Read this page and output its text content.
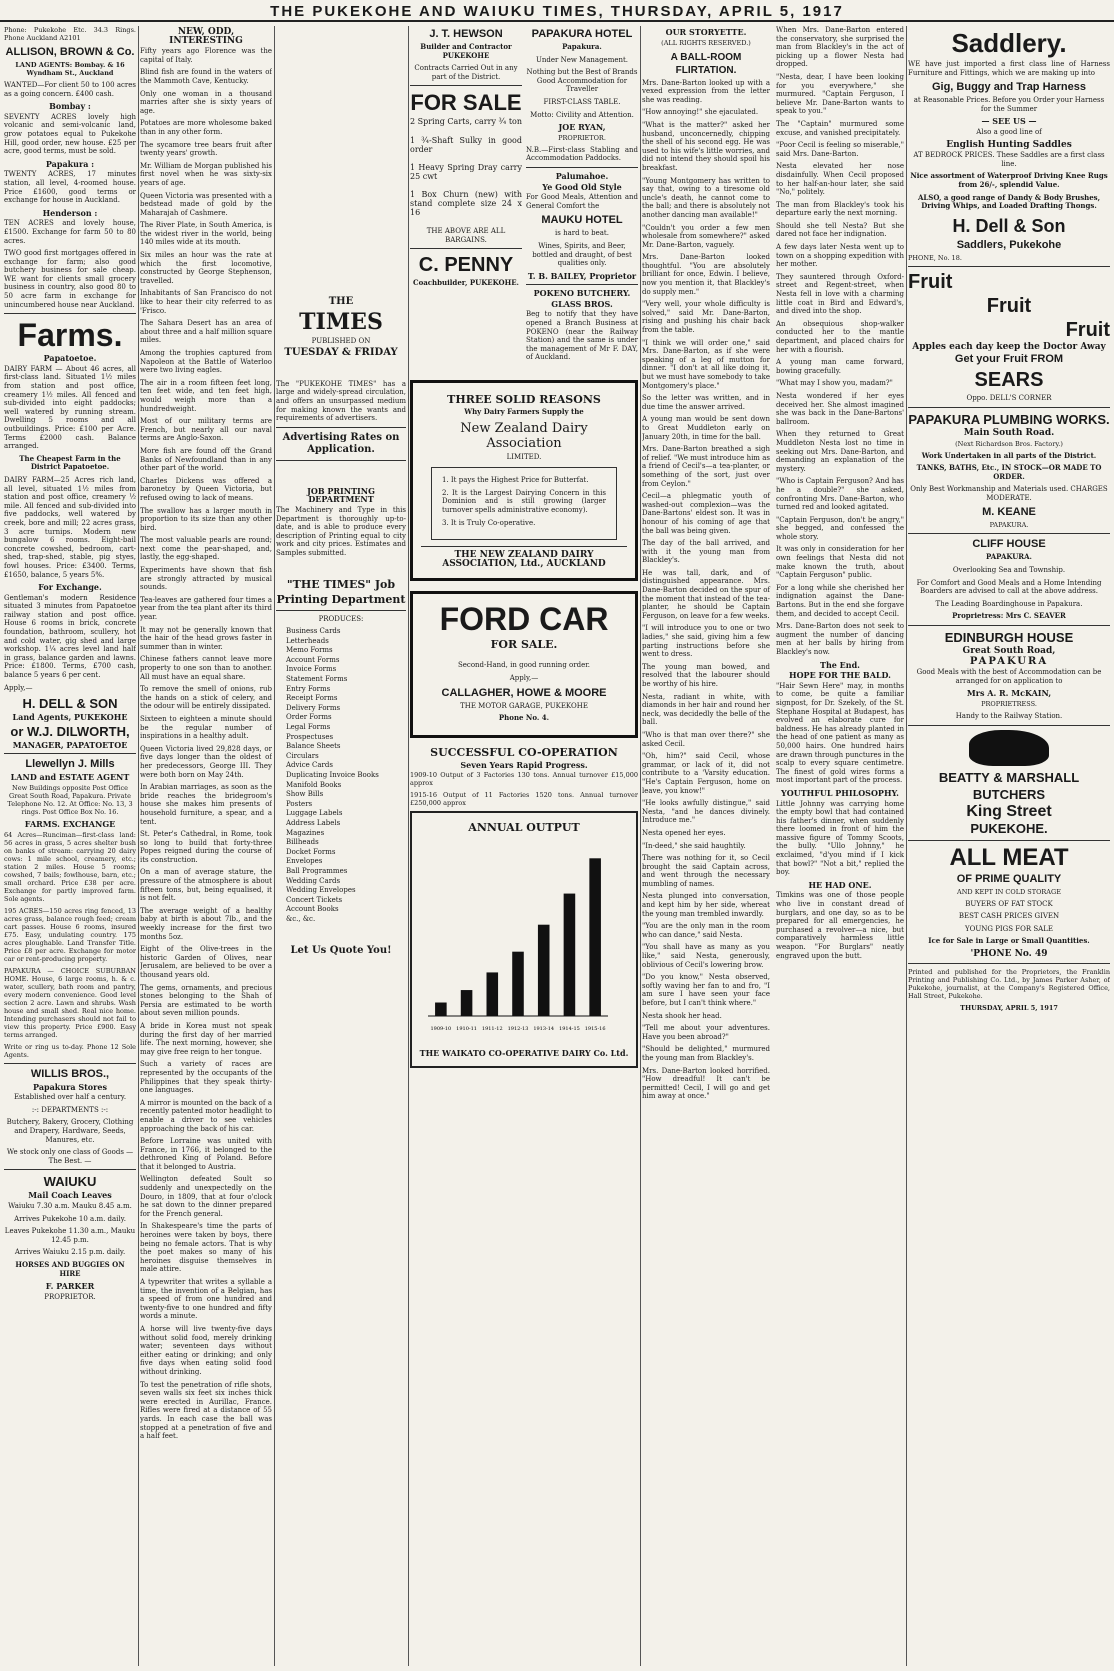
THE PUKEKOHE AND WAIUKU TIMES, THURSDAY, APRIL 5, 1917

Phone: Pukekohe Etc. 34.3 Rings. Phone Auckland A2101

ALLISON, BROWN & Co.

LAND AGENTS: Bombay. & 16 Wyndham St., Auckland

WANTED—For client 50 to 100 acres as a going concern. £400 cash.

Bombay :

SEVENTY ACRES lovely high volcanic and semi-volcanic land, grow potatoes equal to Pukekohe Hill, good order, new house. £25 per acre, good terms, must be sold.

Papakura :

TWENTY ACRES, 17 minutes station, all level, 4-roomed house. Price £1600, good terms or exchange for house in Auckland.

Henderson :

TEN ACRES and lovely house, £1500. Exchange for farm 50 to 80 acres.

TWO good first mortgages offered in exchange for farm; also good butchery business for sale cheap. WE want for clients small grocery business in country, also good 80 to 50 acre farm in exchange for unincumbered house near Auckland.

Farms.
Papatoetoe.

DAIRY FARM — About 46 acres, all first-class land. Situated 1½ miles from station and post office, creamery 1½ miles. All fenced and sub-divided into eight paddocks; well watered by running stream. Dwelling 5 rooms and all outbuildings. Price: £100 per Acre. Terms £2000 cash. Balance arranged.

The Cheapest Farm in the District Papatoetoe.

DAIRY FARM—25 Acres rich land, all level, situated 1½ miles from station and post office, creamery ½ mile. All fenced and sub-divided into five paddocks, well watered by creek, bore and mill; 22 acres grass, 3 acre turnips. Modern new bungalow 6 rooms. Eight-bail concrete cowshed, bedroom, cart-shed, trap-shed, stable, pig styes, fowl houses. Price: £3400. Terms, £1650, balance, 5 years 5%.

For Exchange.

Gentleman's modern Residence situated 3 minutes from Papatoetoe railway station and post office. House 6 rooms in brick, concrete foundation, bathroom, scullery, hot and cold water, gig shed and large workshop. 1¼ acres level land half in grass, balance garden and lawns. Price: £1800. Terms, £700 cash, balance 5 years 6 per cent.

Apply,—

H. DELL & SON
Land Agents, PUKEKOHE
or W.J. DILWORTH,
MANAGER, PAPATOETOE
Llewellyn J. Mills
LAND and ESTATE AGENT

New Buildings opposite Post Office Great South Road, Papakura. Private Telephone No. 12. At Office: No. 13, 3 rings. Post Office Box No. 16.

FARMS. EXCHANGE

64 Acres—Runciman—first-class land: 56 acres in grass, 5 acres shelter bush on banks of stream: carrying 20 dairy cows: 1 mile school, creamery, etc.; station 2 miles. House 5 rooms; cowshed, 7 bails; fowlhouse, barn, etc.; small orchard. Price £38 per acre. Exchange for partly improved farm. Sole agents.

195 ACRES—150 acres ring fenced, 13 acres grass, balance rough feed; cream cart passes. House 6 rooms, insured £75. Easy, undulating country. 175 acres ploughable. Land Transfer Title. Price £8 per acre. Exchange for motor car or rent-producing property.

PAPAKURA — CHOICE SUBURBAN HOME. House, 6 large rooms, h. & c. water, scullery, bath room and pantry, every modern convenience. Good level section 2 acre. Lawn and shrubs. Wash house and small shed. Real nice home. Intending purchasers should not fail to view this property. Price £900. Easy terms arranged.

Write or ring us to-day. Phone 12 Sole Agents.

WILLIS BROS.,
Papakura Stores

Established over half a century.

:-: DEPARTMENTS :-:

Butchery, Bakery, Grocery, Clothing and Drapery, Hardware, Seeds, Manures, etc.

We stock only one class of Goods — The Best. —

WAIUKU
Mail Coach Leaves

Waiuku 7.30 a.m. Mauku 8.45 a.m.

Arrives Pukekohe 10 a.m. daily.

Leaves Pukekohe 11.30 a.m., Mauku 12.45 p.m.

Arrives Waiuku 2.15 p.m. daily.

HORSES AND BUGGIES ON HIRE

F. PARKER

PROPRIETOR.

NEW, ODD, INTERESTING

Fifty years ago Florence was the capital of Italy.

Blind fish are found in the waters of the Mammoth Cave, Kentucky.

Only one woman in a thousand marries after she is sixty years of age.

Potatoes are more wholesome baked than in any other form.

The sycamore tree bears fruit after twenty years' growth.

Mr. William de Morgan published his first novel when he was sixty-six years of age.

Queen Victoria was presented with a bedstead made of gold by the Maharajah of Cashmere.

The River Plate, in South America, is the widest river in the world, being 140 miles wide at its mouth.

Six miles an hour was the rate at which the first locomotive, constructed by George Stephenson, travelled.

Inhabitants of San Francisco do not like to hear their city referred to as 'Frisco.

The Sahara Desert has an area of about three and a half million square miles.

Among the trophies captured from Napoleon at the Battle of Waterloo were two living eagles.

The air in a room fifteen feet long, ten feet wide, and ten feet high, would weigh more than a hundredweight.

Most of our military terms are French, but nearly all our naval terms are Anglo-Saxon.

More fish are found off the Grand Banks of Newfoundland than in any other part of the world.

Charles Dickens was offered a baronetcy by Queen Victoria, but refused owing to lack of means.

The swallow has a larger mouth in proportion to its size than any other bird.

The most valuable pearls are round; next come the pear-shaped, and, lastly, the egg-shaped.

Experiments have shown that fish are strongly attracted by musical sounds.

Tea-leaves are gathered four times a year from the tea plant after its third year.

It may not be generally known that the hair of the head grows faster in summer than in winter.

Chinese fathers cannot leave more property to one son than to another. All must have an equal share.

To remove the smell of onions, rub the hands on a stick of celery, and the odour will be entirely dissipated.

Sixteen to eighteen a minute should be the regular number of inspirations in a healthy adult.

Queen Victoria lived 29,828 days, or five days longer than the oldest of her predecessors, George III. They were both born on May 24th.

In Arabian marriages, as soon as the bride reaches the bridegroom's house she makes him presents of household furniture, a spear, and a tent.

St. Peter's Cathedral, in Rome, took so long to build that forty-three Popes reigned during the course of its construction.

On a man of average stature, the pressure of the atmosphere is about fifteen tons, but, being equalised, it is not felt.

The average weight of a healthy baby at birth is about 7lb., and the weekly increase for the first two months 5oz.

Eight of the Olive-trees in the historic Garden of Olives, near Jerusalem, are believed to be over a thousand years old.

The gems, ornaments, and precious stones belonging to the Shah of Persia are estimated to be worth about seven million pounds.

A bride in Korea must not speak during the first day of her married life. The next morning, however, she may give free reign to her tongue.

Such a variety of races are represented by the occupants of the Philippines that they speak thirty-one languages.

A mirror is mounted on the back of a recently patented motor headlight to enable a driver to see vehicles approaching the back of his car.

Before Lorraine was united with France, in 1766, it belonged to the dethroned King of Poland. Before that it belonged to Austria.

Wellington defeated Soult so suddenly and unexpectedly on the Douro, in 1809, that at four o'clock he sat down to the dinner prepared for the French general.

In Shakespeare's time the parts of heroines were taken by boys, there being no female actors. That is why the poet makes so many of his heroines disguise themselves in male attire.

A typewriter that writes a syllable a time, the invention of a Belgian, has a speed of from one hundred and twenty-five to one hundred and fifty words a minute.

A horse will live twenty-five days without solid food, merely drinking water; seventeen days without either eating or drinking; and only five days when eating solid food without drinking.

To test the penetration of rifle shots, seven walls six feet six inches thick were erected in Aurillac, France. Rifles were fired at a distance of 55 yards. In each case the ball was stopped at a penetration of five and a half feet.

THE
TIMES

PUBLISHED ON

TUESDAY & FRIDAY

The "PUKEKOHE TIMES" has a large and widely-spread circulation, and offers an unsurpassed medium for making known the wants and requirements of advertisers.

Advertising Rates on Application.
JOB PRINTING DEPARTMENT

The Machinery and Type in this Department is thoroughly up-to-date, and is able to produce every description of Printing equal to city work and city prices. Estimates and Samples submitted.

"THE TIMES" Job
Printing Department

PRODUCES:

Business Cards

Letterheads

Memo Forms

Account Forms

Invoice Forms

Statement Forms

Entry Forms

Receipt Forms

Delivery Forms

Order Forms

Legal Forms

Prospectuses

Balance Sheets

Circulars

Advice Cards

Duplicating Invoice Books

Manifold Books

Show Bills

Posters

Luggage Labels

Address Labels

Magazines

Billheads

Docket Forms

Envelopes

Ball Programmes

Wedding Cards

Wedding Envelopes

Concert Tickets

Account Books

&c., &c.

Let Us Quote You!
J. T. HEWSON

Builder and Contractor PUKEKOHE

Contracts Carried Out in any part of the District.

FOR SALE

2 Spring Carts, carry ¾ ton

1 ¾-Shaft Sulky in good order

1 Heavy Spring Dray carry 25 cwt

1 Box Churn (new) with stand complete size 24 x 16

THE ABOVE ARE ALL BARGAINS.

C. PENNY

Coachbuilder, PUKEKOHE.

PAPAKURA HOTEL

Papakura.

Under New Management.

Nothing but the Best of Brands Good Accommodation for Traveller

FIRST-CLASS TABLE.

Motto: Civility and Attention.

JOE RYAN,

PROPRIETOR.

N.B.—First-class Stabling and Accommodation Paddocks.

Palumahoe.
Ye Good Old Style

For Good Meals, Attention and General Comfort the

MAUKU HOTEL

is hard to beat.

Wines, Spirits, and Beer, bottled and draught, of best qualities only.

T. B. BAILEY, Proprietor
POKENO BUTCHERY.
GLASS BROS.

Beg to notify that they have opened a Branch Business at POKENO (near the Railway Station) and the same is under the management of Mr F. DAY, of Auckland.

THREE SOLID REASONS

Why Dairy Farmers Supply the

New Zealand Dairy Association

LIMITED.

1. It pays the Highest Price for Butterfat.

2. It is the Largest Dairying Concern in this Dominion and is still growing (larger turnover spells administrative economy).

3. It is Truly Co-operative.

THE NEW ZEALAND DAIRY ASSOCIATION, Ltd., AUCKLAND
FORD CAR
FOR SALE.

Second-Hand, in good running order.

Apply,—

CALLAGHER, HOWE & MOORE

THE MOTOR GARAGE, PUKEKOHE

Phone No. 4.

SUCCESSFUL CO-OPERATION
Seven Years Rapid Progress.

1909-10 Output of 3 Factories 130 tons. Annual turnover £15,000 approx

1915-16 Output of 11 Factories 1520 tons. Annual turnover £250,000 approx

ANNUAL OUTPUT
1909-10 1910-11 1911-12 1912-13 1913-14 1914-15 1915-16
THE WAIKATO CO-OPERATIVE DAIRY Co. Ltd.
OUR STORYETTE.

(ALL RIGHTS RESERVED.)

A BALL-ROOM FLIRTATION.

Mrs. Dane-Barton looked up with a vexed expression from the letter she was reading.

"How annoying!" she ejaculated.

"What is the matter?" asked her husband, unconcernedly, chipping the shell of his second egg. He was used to his wife's little worries, and did not intend they should spoil his breakfast.

"Young Montgomery has written to say that, owing to a tiresome old uncle's death, he cannot come to the ball; and there is absolutely not another dancing man available!"

"Couldn't you order a few men wholesale from somewhere?" asked Mr. Dane-Barton, vaguely.

Mrs. Dane-Barton looked thoughtful. "You are absolutely brilliant for once, Edwin. I believe, now you mention it, that Blackley's do supply men."

"Very well, your whole difficulty is solved," said Mr. Dane-Barton, rising and pushing his chair back from the table.

"I think we will order one," said Mrs. Dane-Barton, as if she were speaking of a leg of mutton for dinner. "I don't at all like doing it, but we must have somebody to take Montgomery's place."

So the letter was written, and in due time the answer arrived.

A young man would be sent down to Great Muddleton early on January 20th, in time for the ball.

Mrs. Dane-Barton breathed a sigh of relief. "We must introduce him as a friend of Cecil's—a tea-planter, or something of the sort, just over from Ceylon."

Cecil—a phlegmatic youth of washed-out complexion—was the Dane-Bartons' eldest son. It was in honour of his coming of age that the ball was being given.

The day of the ball arrived, and with it the young man from Blackley's.

He was tall, dark, and of distinguished appearance. Mrs. Dane-Barton decided on the spur of the moment that instead of the tea-planter, he should be Captain Ferguson, on leave for a few weeks.

"I will introduce you to one or two ladies," she said, giving him a few parting instructions before she went to dress.

The young man bowed, and resolved that the labourer should be worthy of his hire.

Nesta, radiant in white, with diamonds in her hair and round her neck, was decidedly the belle of the ball.

"Who is that man over there?" she asked Cecil.

"Oh, him?" said Cecil, whose grammar, or lack of it, did not contribute to a 'Varsity education. "He's Captain Ferguson, home on leave, you know!"

"He looks awfully distingue," said Nesta, "and he dances divinely. Introduce me."

Nesta opened her eyes.

"In-deed," she said haughtily.

There was nothing for it, so Cecil brought the said Captain across, and went through the necessary mumbling of names.

Nesta plunged into conversation, and kept him by her side, whereat the young man trembled inwardly.

"You are the only man in the room who can dance," said Nesta.

"You shall have as many as you like," said Nesta, generously, oblivious of Cecil's lowering brow.

"Do you know," Nesta observed, softly waving her fan to and fro, "I am sure I have seen your face before, but I can't think where."

Nesta shook her head.

"Tell me about your adventures. Have you been abroad?"

"Should be delighted," murmured the young man from Blackley's.

Mrs. Dane-Barton looked horrified. "How dreadful! It can't be permitted! Cecil, I will go and get him away at once."

When Mrs. Dane-Barton entered the conservatory, she surprised the man from Blackley's in the act of picking up a flower Nesta had dropped.

"Nesta, dear, I have been looking for you everywhere," she murmured. "Captain Ferguson, I believe Mr. Dane-Barton wants to speak to you."

The "Captain" murmured some excuse, and vanished precipitately.

"Poor Cecil is feeling so miserable," said Mrs. Dane-Barton.

Nesta elevated her nose disdainfully. When Cecil proposed to her half-an-hour later, she said "No," politely.

The man from Blackley's took his departure early the next morning.

Should she tell Nesta? But she dared not face her indignation.

A few days later Nesta went up to town on a shopping expedition with her mother.

They sauntered through Oxford-street and Regent-street, when Nesta fell in love with a charming little coat in Bird and Edward's, and dived into the shop.

An obsequious shop-walker conducted her to the mantle department, and placed chairs for her with a flourish.

A young man came forward, bowing gracefully.

"What may I show you, madam?"

Nesta wondered if her eyes deceived her. She almost imagined she was back in the Dane-Bartons' ballroom.

When they returned to Great Muddleton Nesta lost no time in seeking out Mrs. Dane-Barton, and demanding an explanation of the mystery.

"Who is Captain Ferguson? And has he a double?" she asked, confronting Mrs. Dane-Barton, who turned red and looked agitated.

"Captain Ferguson, don't be angry," she begged, and confessed the whole story.

It was only in consideration for her own feelings that Nesta did not make known the truth, about "Captain Ferguson" public.

For a long while she cherished her indignation against the Dane-Bartons. But in the end she forgave them, and decided to accept Cecil.

Mrs. Dane-Barton does not seek to augment the number of dancing men at her balls by hiring from Blackley's now.

The End.
HOPE FOR THE BALD.

"Hair Sewn Here" may, in months to come, be quite a familiar signpost, for Dr. Szekely, of the St. Stephane Hospital at Budapest, has evolved an elaborate cure for baldness. He has already planted in the head of one patient as many as 50,000 hairs. One hundred hairs are drawn through punctures in the scalp to every square centimetre. The finest of gold wires forms a most important part of the process.

YOUTHFUL PHILOSOPHY.

Little Johnny was carrying home the empty bowl that had contained his father's dinner, when suddenly there loomed in front of him the massive figure of Tommy Scoots, the bully. "Ullo Johnny," he exclaimed, "d'you mind if I kick that bowl?" "Not a bit," replied the boy.

HE HAD ONE.

Timkins was one of those people who live in constant dread of burglars, and one day, so as to be prepared for all emergencies, he purchased a revolver—a nice, but comparatively harmless little weapon. "For Burglars" neatly engraved upon the butt.

Saddlery.

WE have just imported a first class line of Harness Furniture and Fittings, which we are making up into

Gig, Buggy and Trap Harness

at Reasonable Prices. Before you Order your Harness for the Summer

— SEE US —

Also a good line of

English Hunting Saddles

AT BEDROCK PRICES. These Saddles are a first class line.

Nice assortment of Waterproof Driving Knee Rugs from 26/-, splendid Value.

ALSO, a good range of Dandy & Body Brushes, Driving Whips, and Loaded Drafting Thongs.

H. Dell & Son
Saddlers, Pukekohe

PHONE, No. 18.

Fruit
Fruit
Fruit
Apples each day keep the Doctor Away
Get your Fruit FROM
SEARS

Oppo. DELL'S CORNER

PAPAKURA PLUMBING WORKS.
Main South Road.

(Next Richardson Bros. Factory.)

Work Undertaken in all parts of the District.

TANKS, BATHS, Etc., IN STOCK—OR MADE TO ORDER.

Only Best Workmanship and Materials used. CHARGES MODERATE.

M. KEANE

PAPAKURA.

CLIFF HOUSE

PAPAKURA.

Overlooking Sea and Township.

For Comfort and Good Meals and a Home Intending Boarders are advised to call at the above address.

The Leading Boardinghouse in Papakura.

Proprietress: Mrs C. SEAVER

EDINBURGH HOUSE
Great South Road,
PAPAKURA

Good Meals with the best of Accommodation can be arranged for on application to

Mrs A. R. McKAIN,

PROPRIETRESS.

Handy to the Railway Station.

BEATTY & MARSHALL
BUTCHERS
King Street
PUKEKOHE.
ALL MEAT
OF PRIME QUALITY

AND KEPT IN COLD STORAGE

BUYERS OF FAT STOCK

BEST CASH PRICES GIVEN

YOUNG PIGS FOR SALE

Ice for Sale in Large or Small Quantities.

'PHONE No. 49

Printed and published for the Proprietors, the Franklin Printing and Publishing Co. Ltd., by James Parker Asher, of Pukekohe, journalist, at the Company's Registered Office, Hall Street, Pukekohe.

THURSDAY, APRIL 5, 1917
